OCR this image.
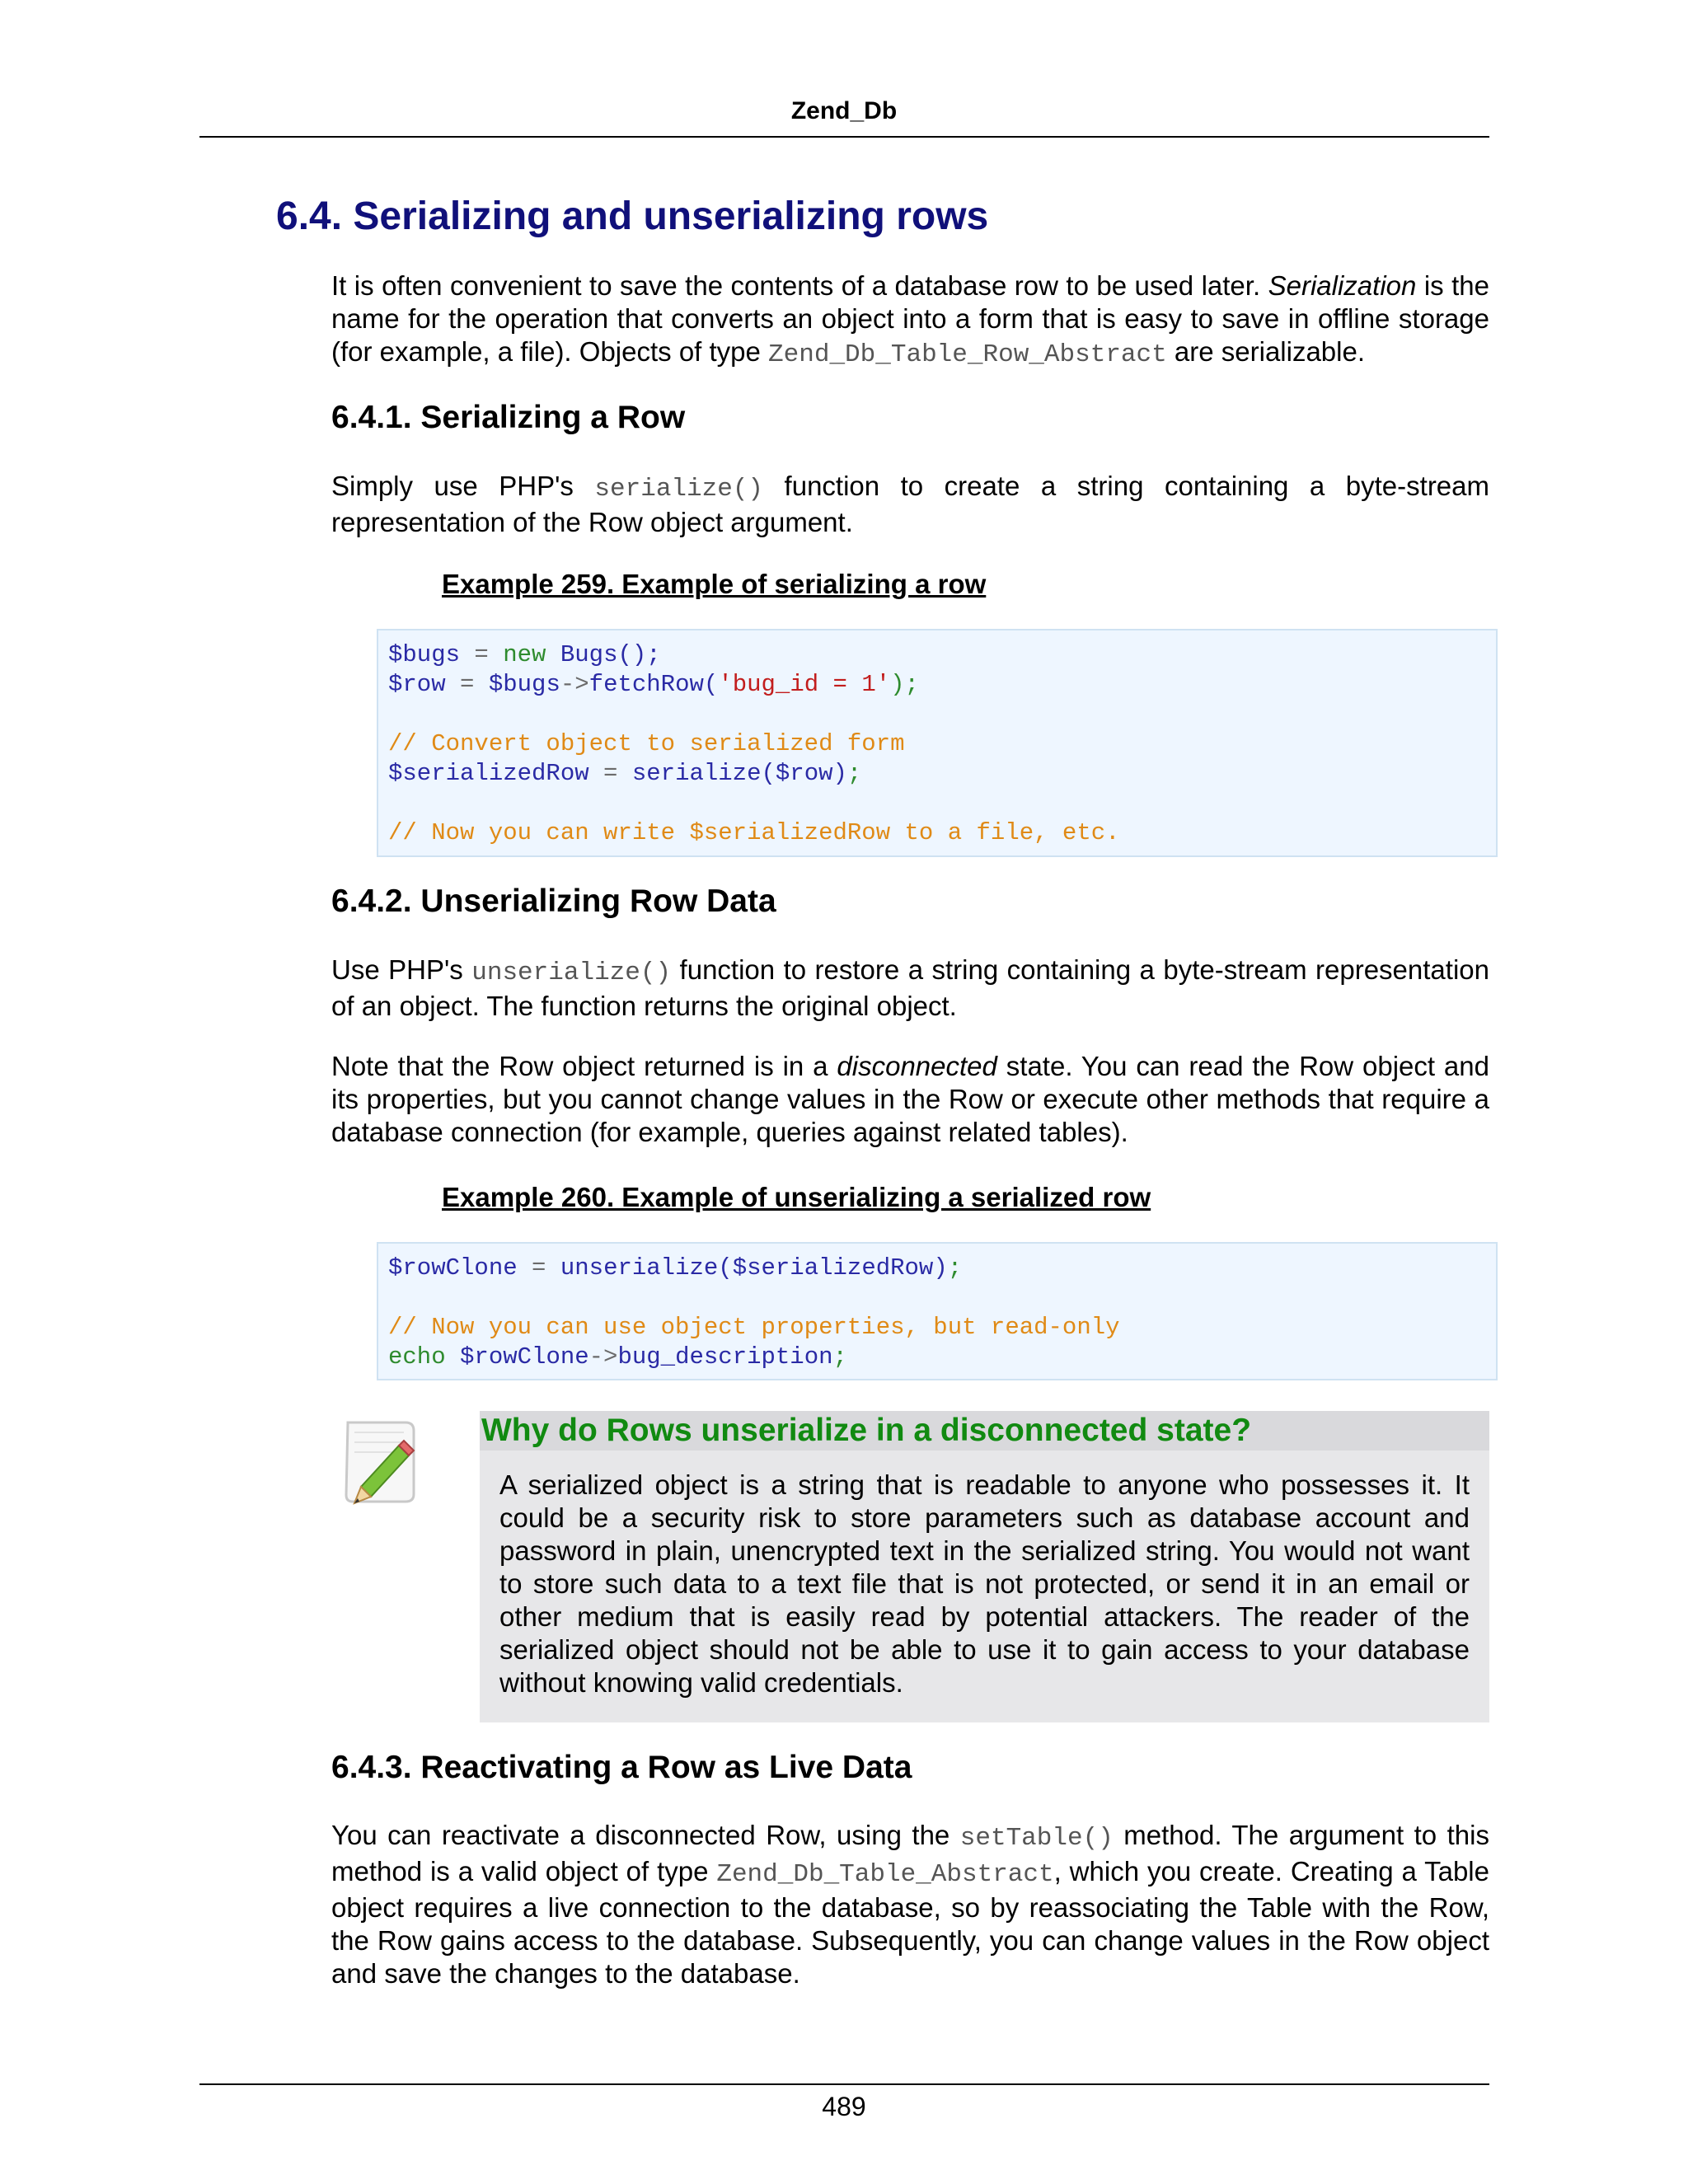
Zend_Db
6.4. Serializing and unserializing rows

It is often convenient to save the contents of a database row to be used later. Serialization is the name for the operation that converts an object into a form that is easy to save in offline storage (for example, a file). Objects of type Zend_Db_Table_Row_Abstract are serializable.

6.4.1. Serializing a Row

Simply use PHP's serialize() function to create a string containing a byte-stream representation of the Row object argument.

Example 259. Example of serializing a row

$bugs = new Bugs();
$row = $bugs->fetchRow('bug_id = 1');

// Convert object to serialized form
$serializedRow = serialize($row);

// Now you can write $serializedRow to a file, etc.
6.4.2. Unserializing Row Data

Use PHP's unserialize() function to restore a string containing a byte-stream representation of an object. The function returns the original object.

Note that the Row object returned is in a disconnected state. You can read the Row object and its properties, but you cannot change values in the Row or execute other methods that require a database connection (for example, queries against related tables).

Example 260. Example of unserializing a serialized row

$rowClone = unserialize($serializedRow);

// Now you can use object properties, but read-only
echo $rowClone->bug_description;
Why do Rows unserialize in a disconnected state?
A serialized object is a string that is readable to anyone who possesses it. It could be a security risk to store parameters such as database account and password in plain, unencrypted text in the serialized string. You would not want to store such data to a text file that is not protected, or send it in an email or other medium that is easily read by potential attackers. The reader of the serialized object should not be able to use it to gain access to your database without knowing valid credentials.
6.4.3. Reactivating a Row as Live Data

You can reactivate a disconnected Row, using the setTable() method. The argument to this method is a valid object of type Zend_Db_Table_Abstract, which you create. Creating a Table object requires a live connection to the database, so by reassociating the Table with the Row, the Row gains access to the database. Subsequently, you can change values in the Row object and save the changes to the database.

489
